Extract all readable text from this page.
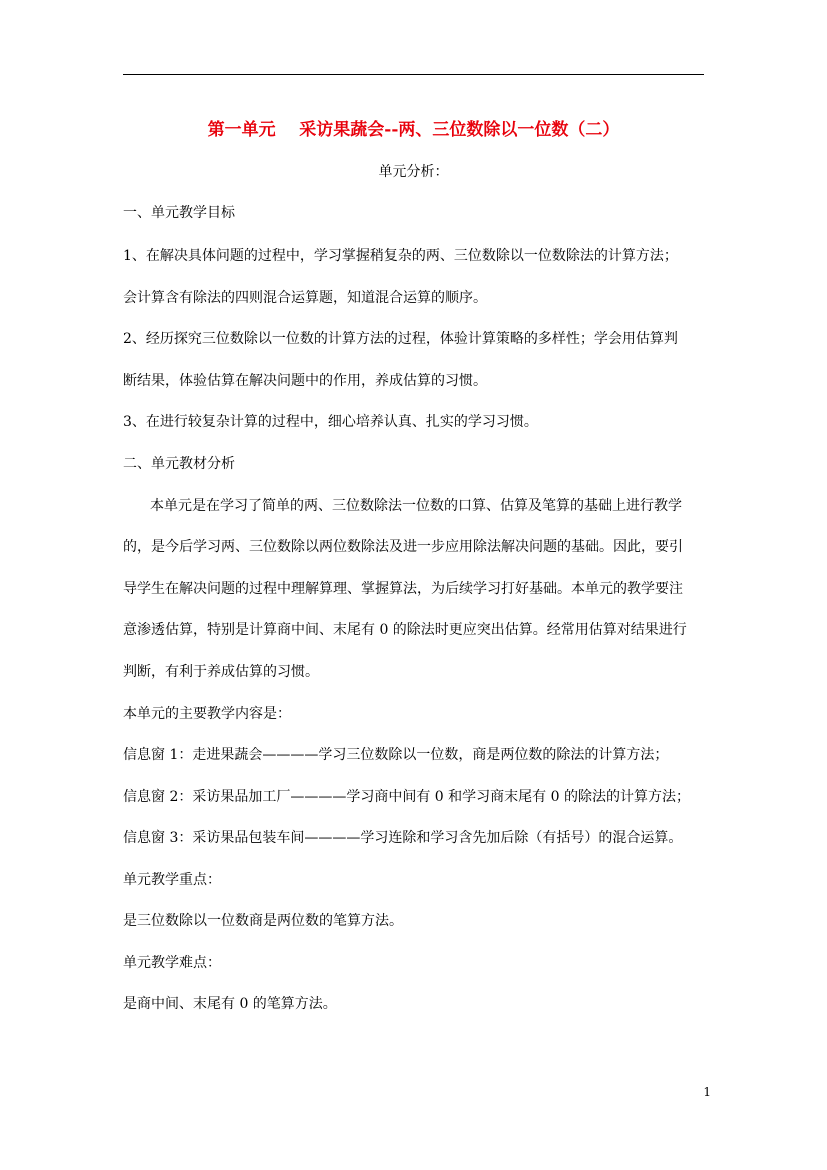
第一单元    采访果蔬会--两、三位数除以一位数（二）
单元分析：
一、单元教学目标
1、在解决具体问题的过程中，学习掌握稍复杂的两、三位数除以一位数除法的计算方法；
会计算含有除法的四则混合运算题，知道混合运算的顺序。
2、经历探究三位数除以一位数的计算方法的过程，体验计算策略的多样性；学会用估算判
断结果，体验估算在解决问题中的作用，养成估算的习惯。
3、在进行较复杂计算的过程中，细心培养认真、扎实的学习习惯。
二、单元教材分析
本单元是在学习了简单的两、三位数除法一位数的口算、估算及笔算的基础上进行教学
的，是今后学习两、三位数除以两位数除法及进一步应用除法解决问题的基础。因此，要引
导学生在解决问题的过程中理解算理、掌握算法，为后续学习打好基础。本单元的教学要注
意渗透估算，特别是计算商中间、末尾有 0 的除法时更应突出估算。经常用估算对结果进行
判断，有利于养成估算的习惯。
本单元的主要教学内容是：
信息窗 1：走进果蔬会————学习三位数除以一位数，商是两位数的除法的计算方法；
信息窗 2：采访果品加工厂————学习商中间有 0 和学习商末尾有 0 的除法的计算方法；
信息窗 3：采访果品包装车间————学习连除和学习含先加后除（有括号）的混合运算。
单元教学重点：
是三位数除以一位数商是两位数的笔算方法。
单元教学难点：
是商中间、末尾有 0 的笔算方法。
1
